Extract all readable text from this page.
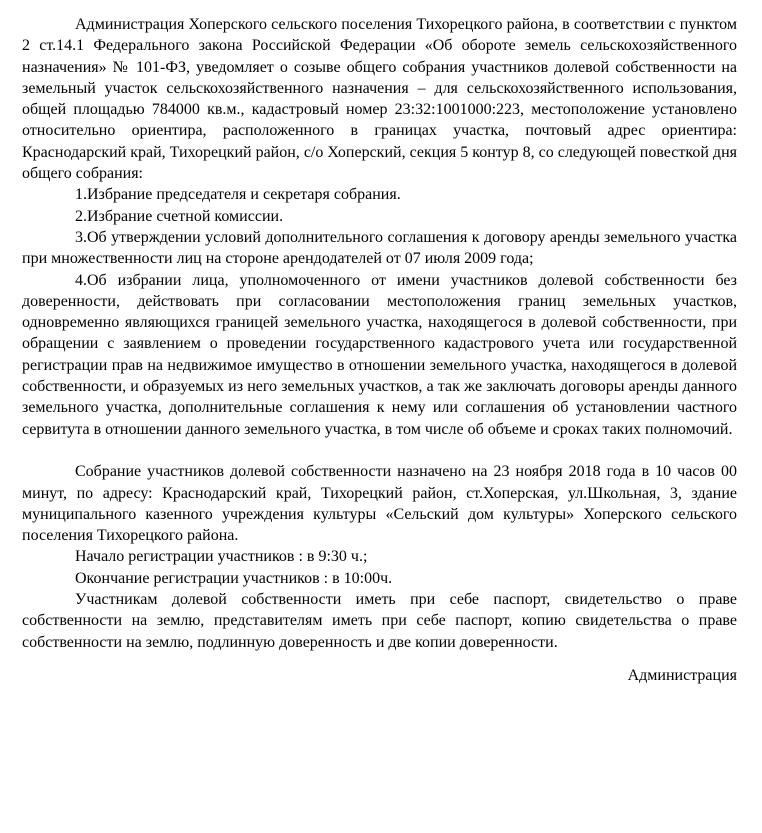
Администрация Хоперского сельского поселения Тихорецкого района, в соответствии с пунктом 2 ст.14.1 Федерального закона Российской Федерации «Об обороте земель сельскохозяйственного назначения» № 101-ФЗ, уведомляет о созыве общего собрания участников долевой собственности на земельный участок сельскохозяйственного назначения – для сельскохозяйственного использования, общей площадью 784000 кв.м., кадастровый номер 23:32:1001000:223, местоположение установлено относительно ориентира, расположенного в границах участка, почтовый адрес ориентира: Краснодарский край, Тихорецкий район, с/о Хоперский, секция 5 контур 8, со следующей повесткой дня общего собрания:

1.Избрание председателя и секретаря собрания.

2.Избрание счетной комиссии.

3.Об утверждении условий дополнительного соглашения к договору аренды земельного участка при множественности лиц на стороне арендодателей от 07 июля 2009 года;

4.Об избрании лица, уполномоченного от имени участников долевой собственности без доверенности, действовать при согласовании местоположения границ земельных участков, одновременно являющихся границей земельного участка, находящегося в долевой собственности, при обращении с заявлением о проведении государственного кадастрового учета или государственной регистрации прав на недвижимое имущество в отношении земельного участка, находящегося в долевой собственности, и образуемых из него земельных участков, а так же заключать договоры аренды данного земельного участка, дополнительные соглашения к нему или соглашения об установлении частного сервитута в отношении данного земельного участка, в том числе об объеме и сроках таких полномочий.

Собрание участников долевой собственности назначено на 23 ноября 2018 года в 10 часов 00 минут, по адресу: Краснодарский край, Тихорецкий район, ст.Хоперская, ул.Школьная, 3, здание муниципального казенного учреждения культуры «Сельский дом культуры» Хоперского сельского поселения Тихорецкого района.

Начало регистрации участников : в 9:30 ч.;

Окончание регистрации участников : в 10:00ч.

Участникам долевой собственности иметь при себе паспорт, свидетельство о праве собственности на землю, представителям иметь при себе паспорт, копию свидетельства о праве собственности на землю, подлинную доверенность и две копии доверенности.

Администрация
